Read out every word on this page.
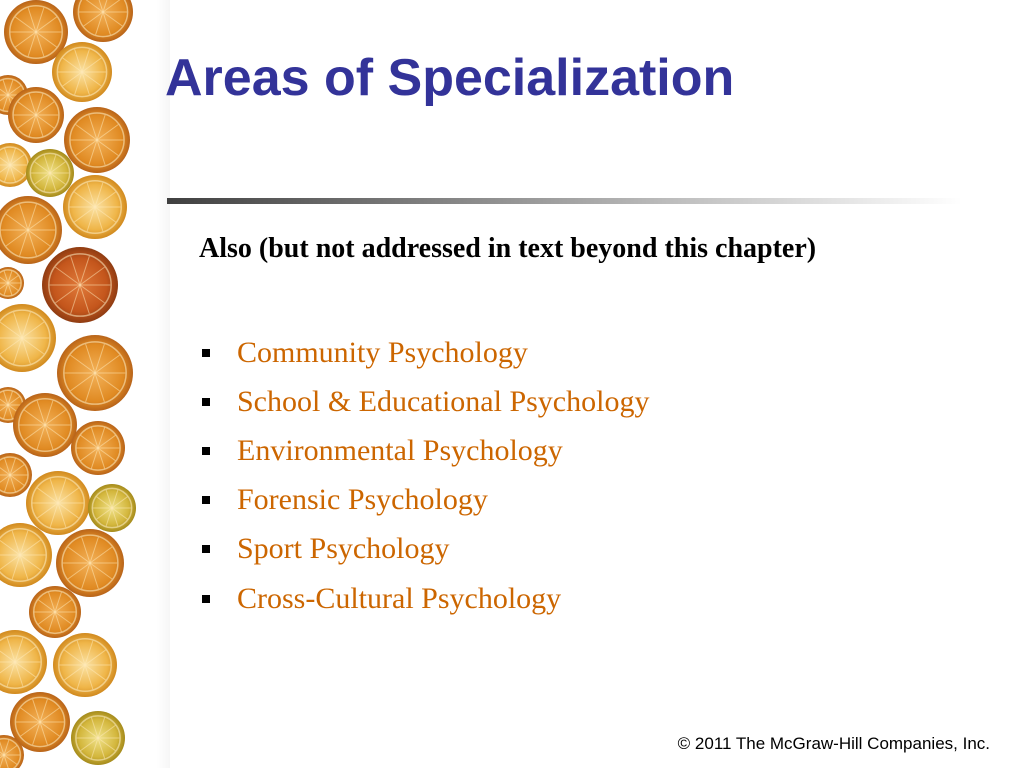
Areas of Specialization

Also (but not addressed in text beyond this chapter)

Community Psychology
School & Educational Psychology
Environmental Psychology
Forensic Psychology
Sport Psychology
Cross-Cultural Psychology
© 2011 The McGraw-Hill Companies, Inc.
